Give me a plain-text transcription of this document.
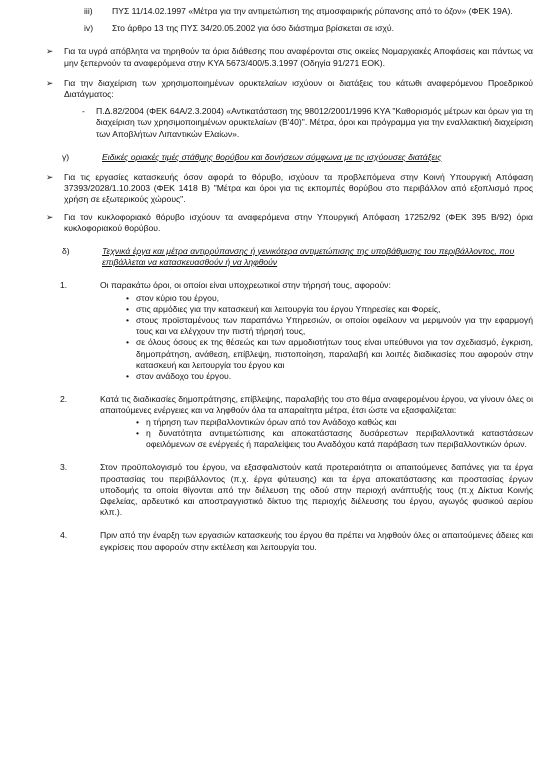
iii)	ΠΥΣ 11/14.02.1997 «Μέτρα για την αντιμετώπιση της ατμοσφαιρικής ρύπανσης από το όζον» (ΦΕΚ 19Α).
iv)	Στο άρθρο 13 της ΠΥΣ 34/20.05.2002 για όσο διάστημα βρίσκεται σε ισχύ.
➢	Για τα υγρά απόβλητα να τηρηθούν τα όρια διάθεσης που αναφέρονται στις οικείες Νομαρχιακές Αποφάσεις και πάντως να μην ξεπερνούν τα αναφερόμενα στην ΚΥΑ 5673/400/5.3.1997 (Οδηγία 91/271 ΕΟΚ).
➢	Για την διαχείριση των χρησιμοποιημένων ορυκτελαίων ισχύουν οι διατάξεις του κάτωθι αναφερόμενου Προεδρικού Διατάγματος:
-	Π.Δ.82/2004 (ΦΕΚ 64Α/2.3.2004) «Αντικατάσταση της 98012/2001/1996 ΚΥΑ "Καθορισμός μέτρων και όρων για τη διαχείριση των χρησιμοποιημένων ορυκτελαίων (Β'40)". Μέτρα, όροι και πρόγραμμα για την εναλλακτική διαχείριση των Αποβλήτων Λιπαντικών Ελαίων».
γ)	Ειδικές οριακές τιμές στάθμης θορύβου και δονήσεων σύμφωνα με τις ισχύουσες διατάξεις
➢	Για τις εργασίες κατασκευής όσον αφορά το θόρυβο, ισχύουν τα προβλεπόμενα στην Κοινή Υπουργική Απόφαση 37393/2028/1.10.2003 (ΦΕΚ 1418 Β) "Μέτρα και όροι για τις εκπομπές θορύβου στο περιβάλλον από εξοπλισμό προς χρήση σε εξωτερικούς χώρους".
➢	Για τον κυκλοφοριακό θόρυβο ισχύουν τα αναφερόμενα στην Υπουργική Απόφαση 17252/92 (ΦΕΚ 395 Β/92) όρια κυκλοφοριακού θορύβου.
δ)	Τεχνικά έργα και μέτρα αντιρρύπανσης ή γενικότερα αντιμετώπισης της υποβάθμισης του περιβάλλοντος, που επιβάλλεται να κατασκευασθούν ή να ληφθούν
1.	Οι παρακάτω όροι, οι οποίοι είναι υποχρεωτικοί στην τήρησή τους, αφορούν:
• στον κύριο του έργου,
• στις αρμόδιες για την κατασκευή και λειτουργία του έργου Υπηρεσίες και Φορείς,
• στους προϊσταμένους των παραπάνω Υπηρεσιών, οι οποίοι οφείλουν να μεριμνούν για την εφαρμογή τους και να ελέγχουν την πιστή τήρησή τους,
• σε όλους όσους εκ της θέσεώς και των αρμοδιοτήτων τους είναι υπεύθυνοι για τον σχεδιασμό, έγκριση, δημοπράτηση, ανάθεση, επίβλεψη, πιστοποίηση, παραλαβή και λοιπές διαδικασίες που αφορούν στην κατασκευή και λειτουργία του έργου και
• στον ανάδοχο του έργου.
2.	Κατά τις διαδικασίες δημοπράτησης, επίβλεψης, παραλαβής του στο θέμα αναφερομένου έργου, να γίνουν όλες οι απαιτούμενες ενέργειες και να ληφθούν όλα τα απαραίτητα μέτρα, έτσι ώστε να εξασφαλίζεται:
• η τήρηση των περιβαλλοντικών όρων από τον Ανάδοχο καθώς και
• η δυνατότητα αντιμετώπισης και αποκατάστασης δυσάρεστων περιβαλλοντικά καταστάσεων οφειλόμενων σε ενέργειές ή παραλείψεις του Αναδόχου κατά παράβαση των περιβαλλοντικών όρων.
3.	Στον προϋπολογισμό του έργου, να εξασφαλιστούν κατά προτεραιότητα οι απαιτούμενες δαπάνες για τα έργα προστασίας του περιβάλλοντος (π.χ. έργα φύτευσης) και τα έργα αποκατάστασης και προστασίας έργων υποδομής τα οποία θίγονται από την διέλευση της οδού στην περιοχή ανάπτυξής τους (π.χ Δίκτυα Κοινής Ωφελείας, αρδευτικό και αποστραγγιστικό δίκτυο της περιοχής διέλευσης του έργου, αγωγός φυσικού αερίου κλπ.).
4.	Πριν από την έναρξη των εργασιών κατασκευής του έργου θα πρέπει να ληφθούν όλες οι απαιτούμενες άδειες και εγκρίσεις που αφορούν στην εκτέλεση και λειτουργία του.
